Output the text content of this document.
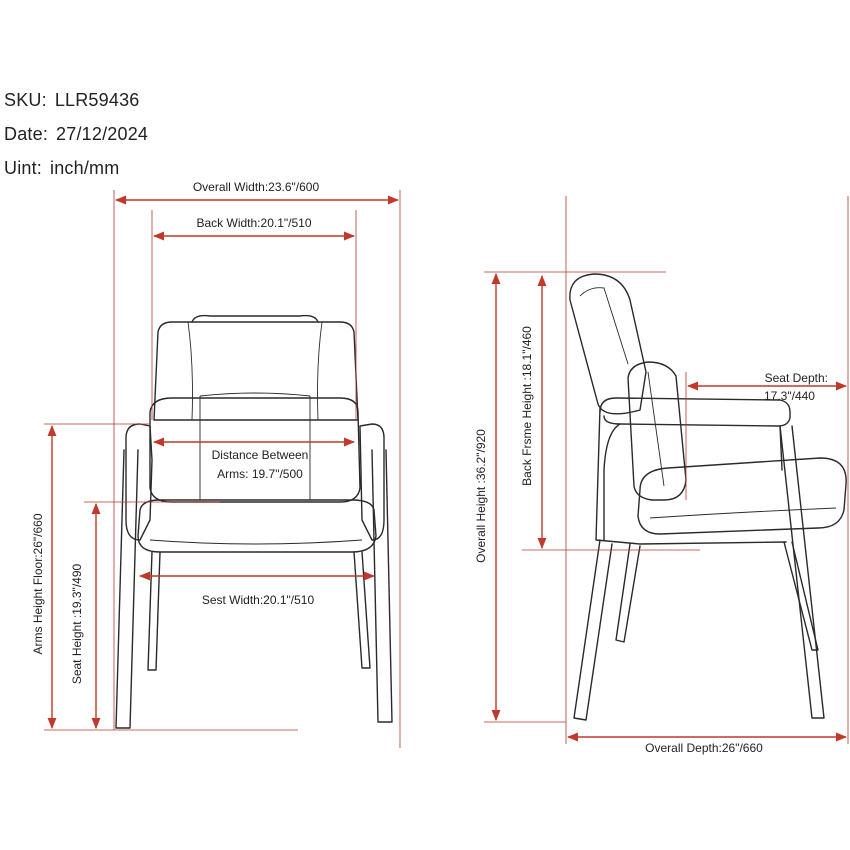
SKU: LLR59436
Date: 27/12/2024
Uint: inch/mm
Overall Width:23.6"/600
Back Width:20.1"/510
Distance Between
Arms: 19.7"/500
Sest Width:20.1"/510
Arms Height Floor:26"/660 Seat Height :19.3"/490
Overall Height :36.2"/920
Back Frsme Height :18.1"/460	Seat Depth:
17.3"/440
Overall Depth:26"/660
